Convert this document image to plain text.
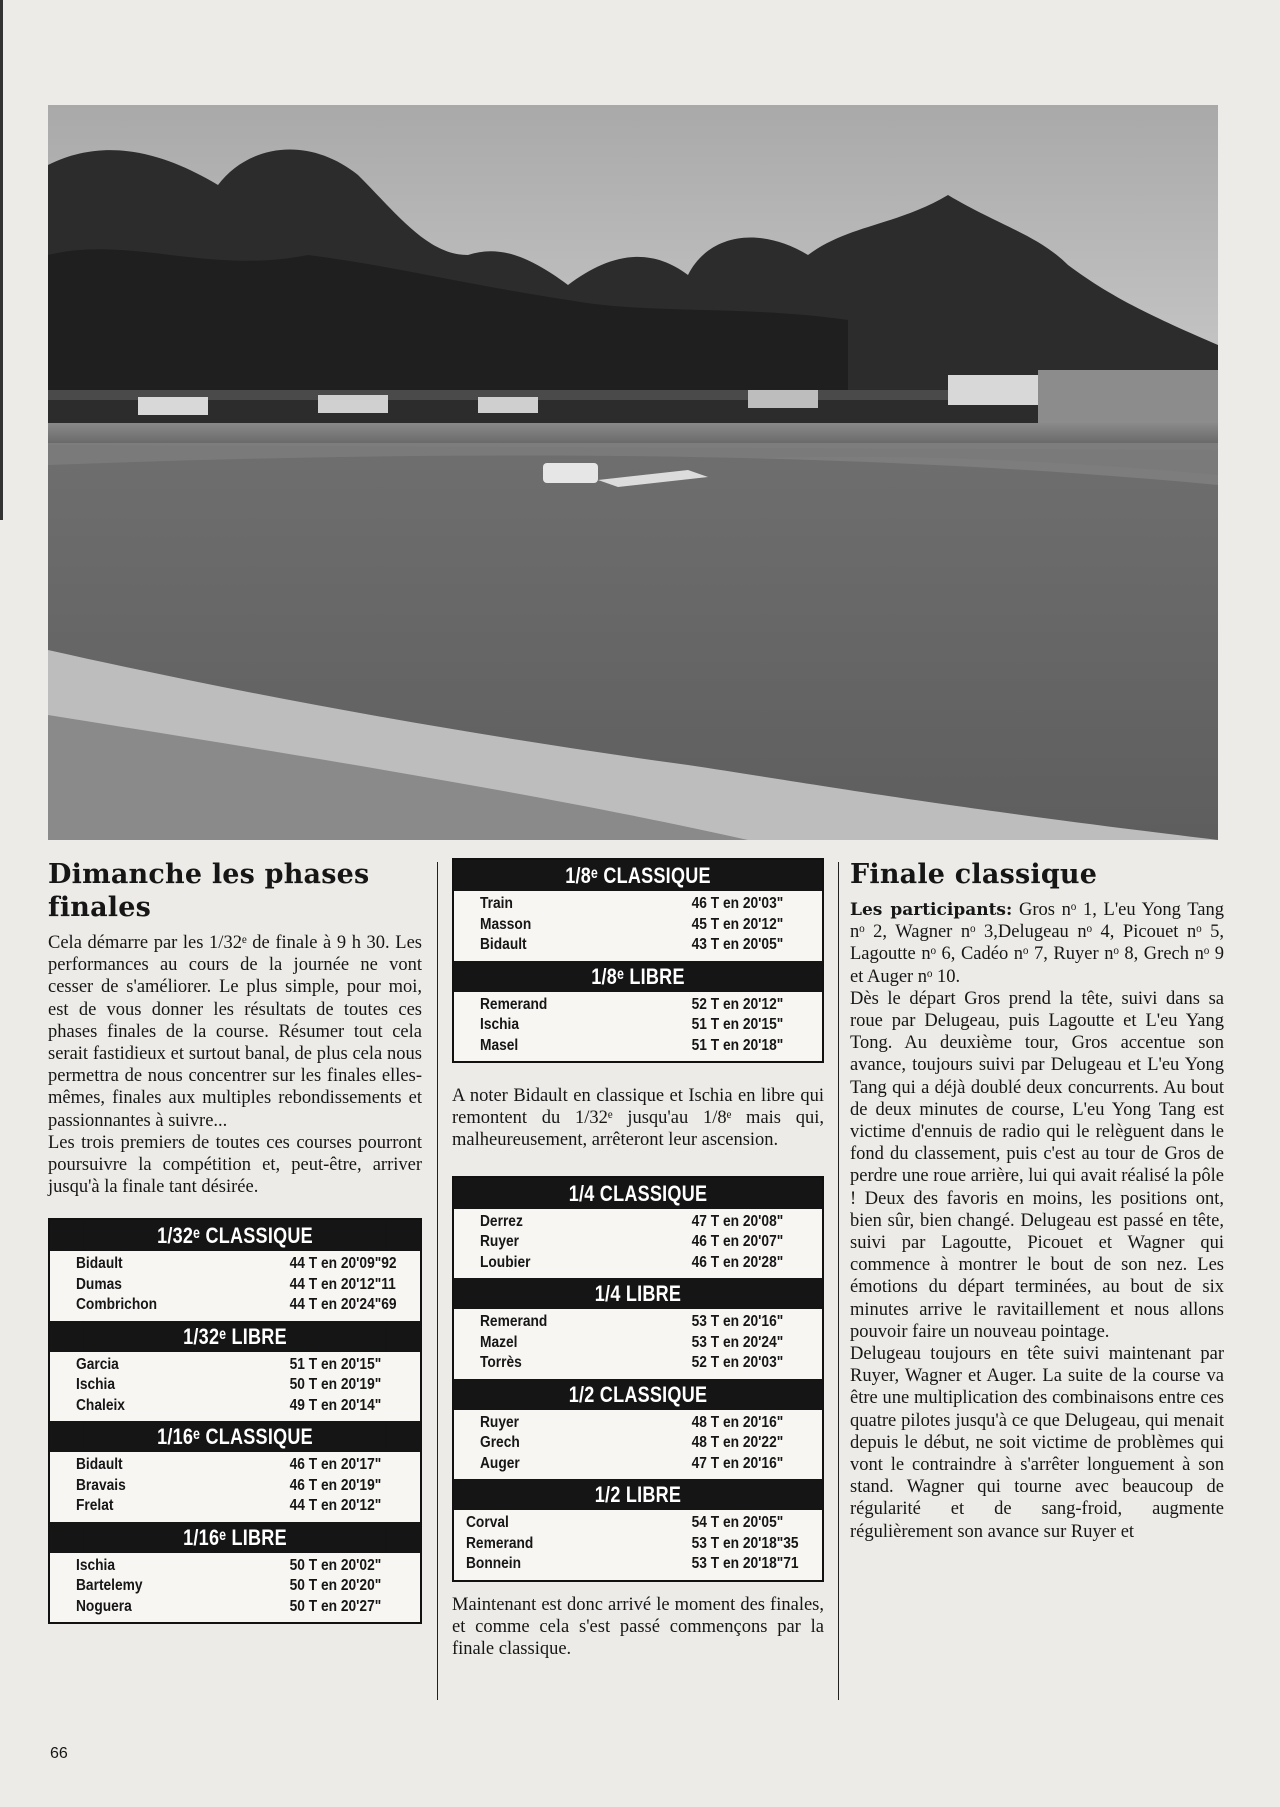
Dimanche les phases finales

Cela démarre par les 1/32ᵉ de finale à 9 h 30. Les performances au cours de la journée ne vont cesser de s'améliorer. Le plus simple, pour moi, est de vous donner les résultats de toutes ces phases finales de la course. Résumer tout cela serait fastidieux et surtout banal, de plus cela nous permettra de nous concentrer sur les finales elles-mêmes, finales aux multiples rebondissements et passionnantes à suivre...

Les trois premiers de toutes ces courses pourront poursuivre la compétition et, peut-être, arriver jusqu'à la finale tant désirée.

1/32ᵉ CLASSIQUE
Bidault	44 T en 20'09"92
Dumas	44 T en 20'12"11
Combrichon	44 T en 20'24"69
1/32ᵉ LIBRE
Garcia	51 T en 20'15"
Ischia	50 T en 20'19"
Chaleix	49 T en 20'14"
1/16ᵉ CLASSIQUE
Bidault	46 T en 20'17"
Bravais	46 T en 20'19"
Frelat	44 T en 20'12"
1/16ᵉ LIBRE
Ischia	50 T en 20'02"
Bartelemy	50 T en 20'20"
Noguera	50 T en 20'27"
1/8ᵉ CLASSIQUE
Train	46 T en 20'03"
Masson	45 T en 20'12"
Bidault	43 T en 20'05"
1/8ᵉ LIBRE
Remerand	52 T en 20'12"
Ischia	51 T en 20'15"
Masel	51 T en 20'18"

A noter Bidault en classique et Ischia en libre qui remontent du 1/32ᵉ jusqu'au 1/8ᵉ mais qui, malheureusement, arrêteront leur ascension.

1/4 CLASSIQUE
Derrez	47 T en 20'08"
Ruyer	46 T en 20'07"
Loubier	46 T en 20'28"
1/4 LIBRE
Remerand	53 T en 20'16"
Mazel	53 T en 20'24"
Torrès	52 T en 20'03"
1/2 CLASSIQUE
Ruyer	48 T en 20'16"
Grech	48 T en 20'22"
Auger	47 T en 20'16"
1/2 LIBRE
Corval	54 T en 20'05"
Remerand	53 T en 20'18"35
Bonnein	53 T en 20'18"71

Maintenant est donc arrivé le moment des finales, et comme cela s'est passé commençons par la finale classique.

Finale classique

Les participants: Gros nᵒ 1, L'eu Yong Tang nᵒ 2, Wagner nᵒ 3,Delugeau nᵒ 4, Picouet nᵒ 5, Lagoutte nᵒ 6, Cadéo nᵒ 7, Ruyer nᵒ 8, Grech nᵒ 9 et Auger nᵒ 10.

Dès le départ Gros prend la tête, suivi dans sa roue par Delugeau, puis Lagoutte et L'eu Yang Tong. Au deuxième tour, Gros accentue son avance, toujours suivi par Delugeau et L'eu Yong Tang qui a déjà doublé deux concurrents. Au bout de deux minutes de course, L'eu Yong Tang est victime d'ennuis de radio qui le relèguent dans le fond du classement, puis c'est au tour de Gros de perdre une roue arrière, lui qui avait réalisé la pôle ! Deux des favoris en moins, les positions ont, bien sûr, bien changé. Delugeau est passé en tête, suivi par Lagoutte, Picouet et Wagner qui commence à montrer le bout de son nez. Les émotions du départ terminées, au bout de six minutes arrive le ravitaillement et nous allons pouvoir faire un nouveau pointage.

Delugeau toujours en tête suivi maintenant par Ruyer, Wagner et Auger. La suite de la course va être une multiplication des combinaisons entre ces quatre pilotes jusqu'à ce que Delugeau, qui menait depuis le début, ne soit victime de problèmes qui vont le contraindre à s'arrêter longuement à son stand. Wagner qui tourne avec beaucoup de régularité et de sang-froid, augmente régulièrement son avance sur Ruyer et

66
